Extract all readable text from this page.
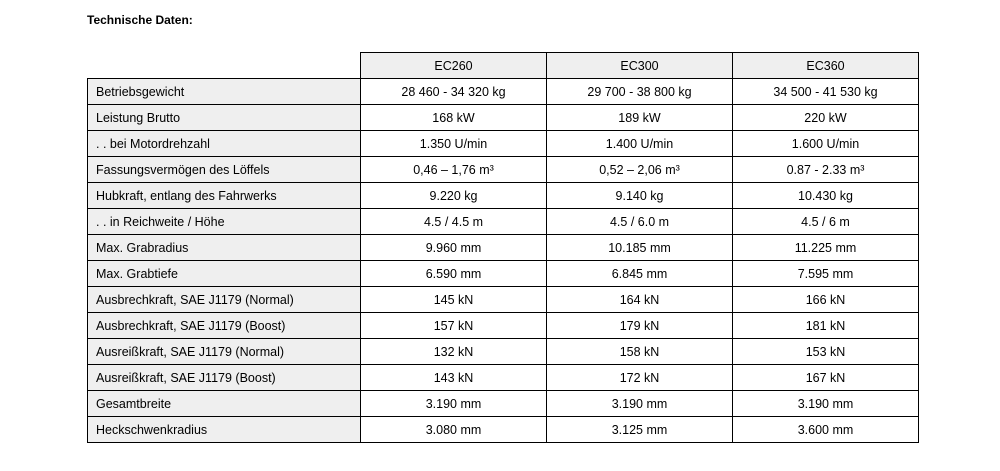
Technische Daten:
	EC260	EC300	EC360
Betriebsgewicht	28 460 - 34 320 kg	29 700 - 38 800 kg	34 500 - 41 530 kg
Leistung Brutto	168 kW	189 kW	220 kW
. . bei Motordrehzahl	1.350 U/min	1.400 U/min	1.600 U/min
Fassungsvermögen des Löffels	0,46 – 1,76 m³	0,52 – 2,06 m³	0.87 - 2.33 m³
Hubkraft, entlang des Fahrwerks	9.220 kg	9.140 kg	10.430 kg
. . in Reichweite / Höhe	4.5 / 4.5 m	4.5 / 6.0 m	4.5 / 6 m
Max. Grabradius	9.960 mm	10.185 mm	11.225 mm
Max. Grabtiefe	6.590 mm	6.845 mm	7.595 mm
Ausbrechkraft, SAE J1179 (Normal)	145 kN	164 kN	166 kN
Ausbrechkraft, SAE J1179 (Boost)	157 kN	179 kN	181 kN
Ausreißkraft, SAE J1179 (Normal)	132 kN	158 kN	153 kN
Ausreißkraft, SAE J1179 (Boost)	143 kN	172 kN	167 kN
Gesamtbreite	3.190 mm	3.190 mm	3.190 mm
Heckschwenkradius	3.080 mm	3.125 mm	3.600 mm
